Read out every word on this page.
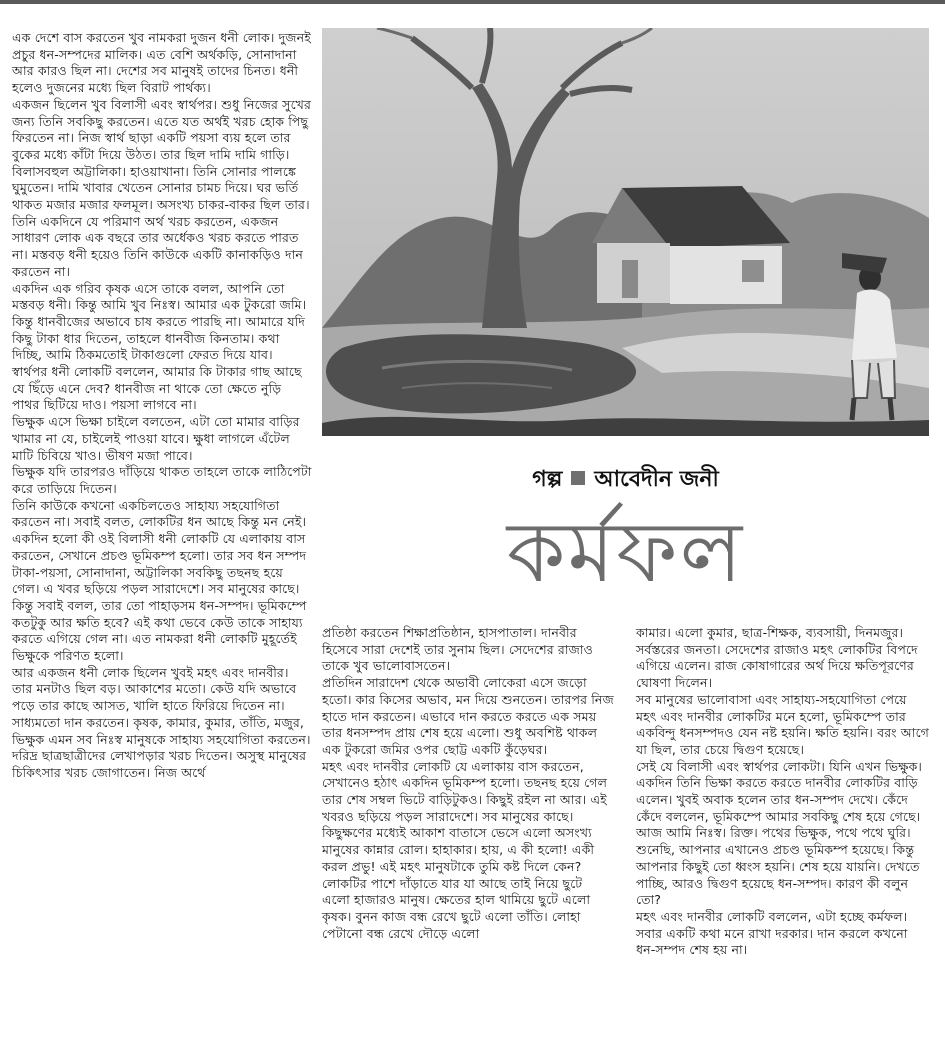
এক দেশে বাস করতেন খুব নামকরা দুজন ধনী লোক। দুজনই প্রচুর ধন-সম্পদের মালিক। এত বেশি অর্থকড়ি, সোনাদানা আর কারও ছিল না। দেশের সব মানুষই তাদের চিনত। ধনী হলেও দুজনের মধ্যে ছিল বিরাট পার্থক্য।

একজন ছিলেন খুব বিলাসী এবং স্বার্থপর। শুধু নিজের সুখের জন্য তিনি সবকিছু করতেন। এতে যত অর্থই খরচ হোক পিছু ফিরতেন না। নিজ স্বার্থ ছাড়া একটি পয়সা ব্যয় হলে তার বুকের মধ্যে কাঁটা দিয়ে উঠত। তার ছিল দামি দামি গাড়ি। বিলাসবহুল অট্টালিকা। হাওয়াখানা। তিনি সোনার পালঙ্কে ঘুমুতেন। দামি খাবার খেতেন সোনার চামচ দিয়ে। ঘর ভর্তি থাকত মজার মজার ফলমূল। অসংখ্য চাকর-বাকর ছিল তার। তিনি একদিনে যে পরিমাণ অর্থ খরচ করতেন, একজন সাধারণ লোক এক বছরে তার অর্ধেকও খরচ করতে পারত না। মস্তবড় ধনী হয়েও তিনি কাউকে একটি কানাকড়িও দান করতেন না।

একদিন এক গরিব কৃষক এসে তাকে বলল, আপনি তো মস্তবড় ধনী। কিন্তু আমি খুব নিঃস্ব। আমার এক টুকরো জমি। কিন্তু ধানবীজের অভাবে চাষ করতে পারছি না। আমারে যদি কিছু টাকা ধার দিতেন, তাহলে ধানবীজ কিনতাম। কথা দিচ্ছি, আমি ঠিকমতোই টাকাগুলো ফেরত দিয়ে যাব। স্বার্থপর ধনী লোকটি বললেন, আমার কি টাকার গাছ আছে যে ছিঁড়ে এনে দেব? ধানবীজ না থাকে তো ক্ষেতে নুড়ি পাথর ছিটিয়ে দাও। পয়সা লাগবে না।

ভিক্ষুক এসে ভিক্ষা চাইলে বলতেন, এটা তো মামার বাড়ির খামার না যে, চাইলেই পাওয়া যাবে। ক্ষুধা লাগলে এঁটেল মাটি চিবিয়ে খাও। ভীষণ মজা পাবে।

ভিক্ষুক যদি তারপরও দাঁড়িয়ে থাকত তাহলে তাকে লাঠিপেটা করে তাড়িয়ে দিতেন।

তিনি কাউকে কখনো একচিলতেও সাহায্য সহযোগিতা করতেন না। সবাই বলত, লোকটির ধন আছে কিন্তু মন নেই।

একদিন হলো কী ওই বিলাসী ধনী লোকটি যে এলাকায় বাস করতেন, সেখানে প্রচণ্ড ভূমিকম্প হলো। তার সব ধন সম্পদ টাকা-পয়সা, সোনাদানা, অট্টালিকা সবকিছু তছনছ হয়ে গেল। এ খবর ছড়িয়ে পড়ল সারাদেশে। সব মানুষের কাছে। কিন্তু সবাই বলল, তার তো পাহাড়সম ধন-সম্পদ। ভূমিকম্পে কতটুকু আর ক্ষতি হবে? এই কথা ভেবে কেউ তাকে সাহায্য করতে এগিয়ে গেল না। এত নামকরা ধনী লোকটি মুহূর্তেই ভিক্ষুকে পরিণত হলো।

আর একজন ধনী লোক ছিলেন খুবই মহৎ এবং দানবীর। তার মনটাও ছিল বড়। আকাশের মতো। কেউ যদি অভাবে পড়ে তার কাছে আসত, খালি হাতে ফিরিয়ে দিতেন না। সাধ্যমতো দান করতেন। কৃষক, কামার, কুমার, তাঁতি, মজুর, ভিক্ষুক এমন সব নিঃস্ব মানুষকে সাহায্য সহযোগিতা করতেন। দরিদ্র ছাত্রছাত্রীদের লেখাপড়ার খরচ দিতেন। অসুস্থ মানুষের চিকিৎসার খরচ জোগাতেন। নিজ অর্থে

গল্প আবেদীন জনী
কর্মফল

প্রতিষ্ঠা করতেন শিক্ষাপ্রতিষ্ঠান, হাসপাতাল। দানবীর হিসেবে সারা দেশেই তার সুনাম ছিল। সেদেশের রাজাও তাকে খুব ভালোবাসতেন।

প্রতিদিন সারাদেশ থেকে অভাবী লোকেরা এসে জড়ো হতো। কার কিসের অভাব, মন দিয়ে শুনতেন। তারপর নিজ হাতে দান করতেন। এভাবে দান করতে করতে এক সময় তার ধনসম্পদ প্রায় শেষ হয়ে এলো। শুধু অবশিষ্ট থাকল এক টুকরো জমির ওপর ছোট্ট একটি কুঁড়েঘর।

মহৎ এবং দানবীর লোকটি যে এলাকায় বাস করতেন, সেখানেও হঠাৎ একদিন ভূমিকম্প হলো। তছনছ হয়ে গেল তার শেষ সম্বল ভিটে বাড়িটুকও। কিছুই রইল না আর। এই খবরও ছড়িয়ে পড়ল সারাদেশে। সব মানুষের কাছে। কিছুক্ষণের মধ্যেই আকাশ বাতাসে ভেসে এলো অসংখ্য মানুষের কান্নার রোল। হাহাকার। হায়, এ কী হলো! একী করল প্রভু! এই মহৎ মানুষটাকে তুমি কষ্ট দিলে কেন?

লোকটির পাশে দাঁড়াতে যার যা আছে তাই নিয়ে ছুটে এলো হাজারও মানুষ। ক্ষেতের হাল থামিয়ে ছুটে এলো কৃষক। বুনন কাজ বন্ধ রেখে ছুটে এলো তাঁতি। লোহা পেটানো বন্ধ রেখে দৌড়ে এলো

কামার। এলো কুমার, ছাত্র-শিক্ষক, ব্যবসায়ী, দিনমজুর। সর্বস্তরের জনতা। সেদেশের রাজাও মহৎ লোকটির বিপদে এগিয়ে এলেন। রাজ কোষাগারের অর্থ দিয়ে ক্ষতিপূরণের ঘোষণা দিলেন।

সব মানুষের ভালোবাসা এবং সাহায্য-সহযোগিতা পেয়ে মহৎ এবং দানবীর লোকটির মনে হলো, ভূমিকম্পে তার একবিন্দু ধনসম্পদও যেন নষ্ট হয়নি। ক্ষতি হয়নি। বরং আগে যা ছিল, তার চেয়ে দ্বিগুণ হয়েছে।

সেই যে বিলাসী এবং স্বার্থপর লোকটা। যিনি এখন ভিক্ষুক। একদিন তিনি ভিক্ষা করতে করতে দানবীর লোকটির বাড়ি এলেন। খুবই অবাক হলেন তার ধন-সম্পদ দেখে। কেঁদে কেঁদে বললেন, ভূমিকম্পে আমার সবকিছু শেষ হয়ে গেছে। আজ আমি নিঃস্ব। রিক্ত। পথের ভিক্ষুক, পথে পথে ঘুরি। শুনেছি, আপনার এখানেও প্রচণ্ড ভূমিকম্প হয়েছে। কিন্তু আপনার কিছুই তো ধ্বংস হয়নি। শেষ হয়ে যায়নি। দেখতে পাচ্ছি, আরও দ্বিগুণ হয়েছে ধন-সম্পদ। কারণ কী বলুন তো?

মহৎ এবং দানবীর লোকটি বললেন, এটা হচ্ছে কর্মফল। সবার একটি কথা মনে রাখা দরকার। দান করলে কখনো ধন-সম্পদ শেষ হয় না।
